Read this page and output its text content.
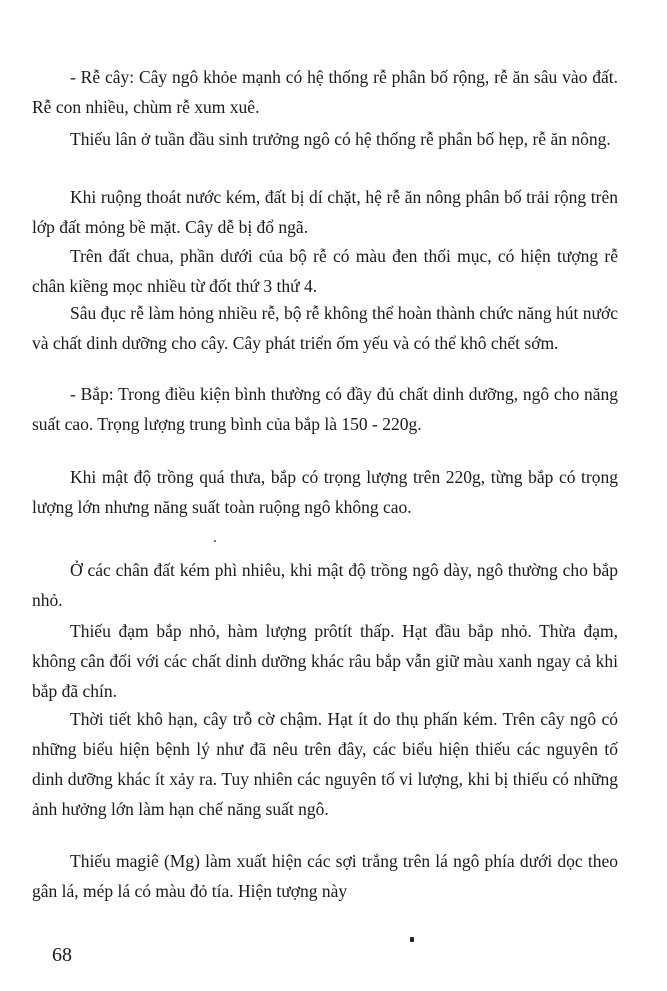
- Rễ cây: Cây ngô khỏe mạnh có hệ thống rễ phân bố rộng, rễ ăn sâu vào đất. Rễ con nhiều, chùm rễ xum xuê.

Thiếu lân ở tuần đầu sinh trưởng ngô có hệ thống rễ phân bố hẹp, rễ ăn nông.

Khi ruộng thoát nước kém, đất bị dí chặt, hệ rễ ăn nông phân bố trải rộng trên lớp đất mỏng bề mặt. Cây dễ bị đổ ngã.

Trên đất chua, phần dưới của bộ rễ có màu đen thối mục, có hiện tượng rễ chân kiềng mọc nhiều từ đốt thứ 3 thứ 4.

Sâu đục rễ làm hỏng nhiều rễ, bộ rễ không thể hoàn thành chức năng hút nước và chất dinh dưỡng cho cây. Cây phát triển ốm yếu và có thể khô chết sớm.

- Bắp: Trong điều kiện bình thường có đầy đủ chất dinh dưỡng, ngô cho năng suất cao. Trọng lượng trung bình của bắp là 150 - 220g.

Khi mật độ trồng quá thưa, bắp có trọng lượng trên 220g, từng bắp có trọng lượng lớn nhưng năng suất toàn ruộng ngô không cao.

Ở các chân đất kém phì nhiêu, khi mật độ trồng ngô dày, ngô thường cho bắp nhỏ.

Thiếu đạm bắp nhỏ, hàm lượng prôtít thấp. Hạt đầu bắp nhỏ. Thừa đạm, không cân đối với các chất dinh dưỡng khác râu bắp vẫn giữ màu xanh ngay cả khi bắp đã chín.

Thời tiết khô hạn, cây trỗ cờ chậm. Hạt ít do thụ phấn kém. Trên cây ngô có những biểu hiện bệnh lý như đã nêu trên đây, các biểu hiện thiếu các nguyên tố dinh dưỡng khác ít xảy ra. Tuy nhiên các nguyên tố vi lượng, khi bị thiếu có những ảnh hưởng lớn làm hạn chế năng suất ngô.

Thiếu magiê (Mg) làm xuất hiện các sợi trắng trên lá ngô phía dưới dọc theo gân lá, mép lá có màu đỏ tía. Hiện tượng này

68
